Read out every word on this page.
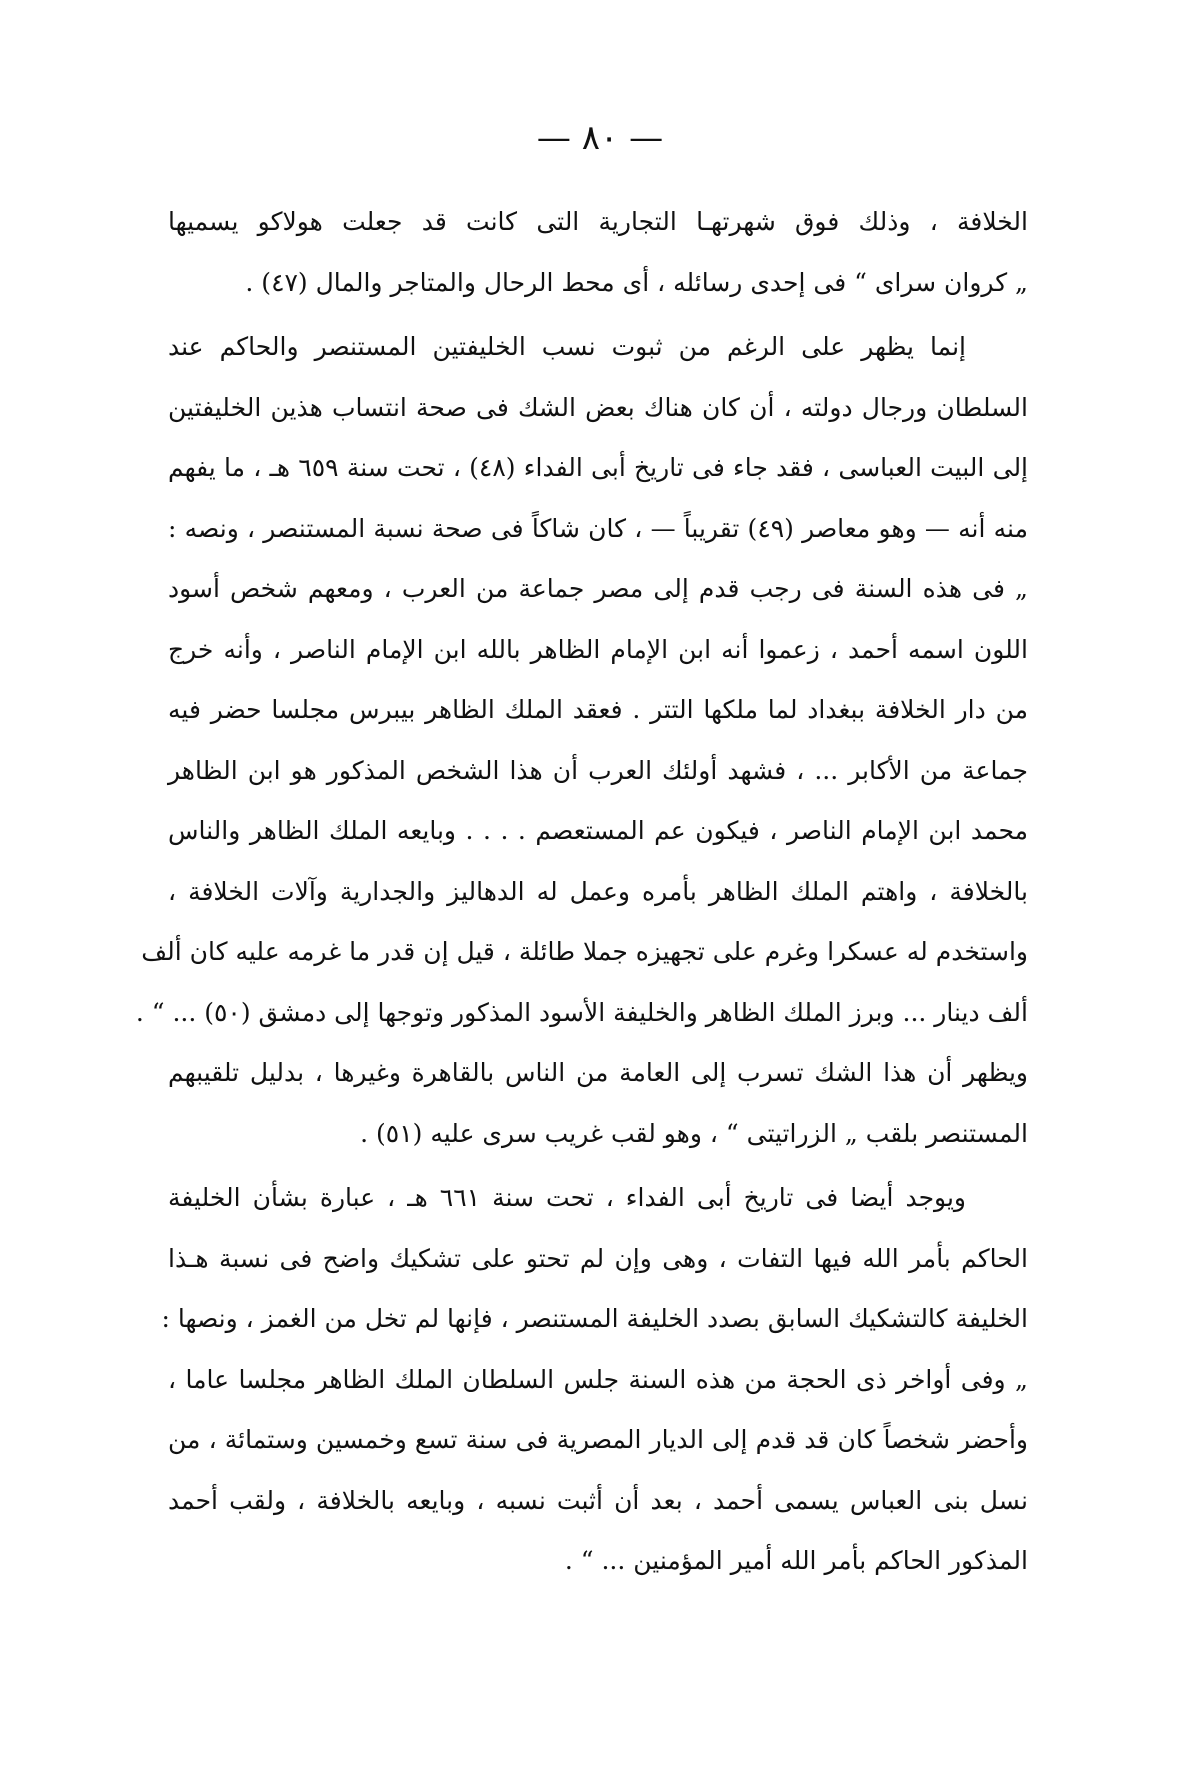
— ٨٠ —
الخلافة ، وذلك فوق شهرتهـا التجارية التى كانت قد جعلت هولاكو يسميها
„ كروان سراى “ فى إحدى رسائله ، أى محط الرحال والمتاجر والمال (٤٧) .
إنما يظهر على الرغم من ثبوت نسب الخليفتين المستنصر والحاكم عند
السلطان ورجال دولته ، أن كان هناك بعض الشك فى صحة انتساب هذين الخليفتين
إلى البيت العباسى ، فقد جاء فى تاريخ أبى الفداء (٤٨) ، تحت سنة ٦٥٩ هـ ، ما يفهم
منه أنه — وهو معاصر (٤٩) تقريباً — ، كان شاكاً فى صحة نسبة المستنصر ، ونصه :
„ فى هذه السنة فى رجب قدم إلى مصر جماعة من العرب ، ومعهم شخص أسود
اللون اسمه أحمد ، زعموا أنه ابن الإمام الظاهر بالله ابن الإمام الناصر ، وأنه خرج
من دار الخلافة ببغداد لما ملكها التتر . فعقد الملك الظاهر بيبرس مجلسا حضر فيه
جماعة من الأكابر ... ، فشهد أولئك العرب أن هذا الشخص المذكور هو ابن الظاهر
محمد ابن الإمام الناصر ، فيكون عم المستعصم . . . . وبايعه الملك الظاهر والناس
بالخلافة ، واهتم الملك الظاهر بأمره وعمل له الدهاليز والجدارية وآلات الخلافة ،
واستخدم له عسكرا وغرم على تجهيزه جملا طائلة ، قيل إن قدر ما غرمه عليه كان ألف
ألف دينار ... وبرز الملك الظاهر والخليفة الأسود المذكور وتوجها إلى دمشق (٥٠) ... “ .
ويظهر أن هذا الشك تسرب إلى العامة من الناس بالقاهرة وغيرها ، بدليل تلقيبهم
المستنصر بلقب „ الزراتيتى “ ، وهو لقب غريب سرى عليه (٥١) .
ويوجد أيضا فى تاريخ أبى الفداء ، تحت سنة ٦٦١ هـ ، عبارة بشأن الخليفة
الحاكم بأمر الله فيها التفات ، وهى وإن لم تحتو على تشكيك واضح فى نسبة هـذا
الخليفة كالتشكيك السابق بصدد الخليفة المستنصر ، فإنها لم تخل من الغمز ، ونصها :
„ وفى أواخر ذى الحجة من هذه السنة جلس السلطان الملك الظاهر مجلسا عاما ،
وأحضر شخصاً كان قد قدم إلى الديار المصرية فى سنة تسع وخمسين وستمائة ، من
نسل بنى العباس يسمى أحمد ، بعد أن أثبت نسبه ، وبايعه بالخلافة ، ولقب أحمد
المذكور الحاكم بأمر الله أمير المؤمنين ... “ .
